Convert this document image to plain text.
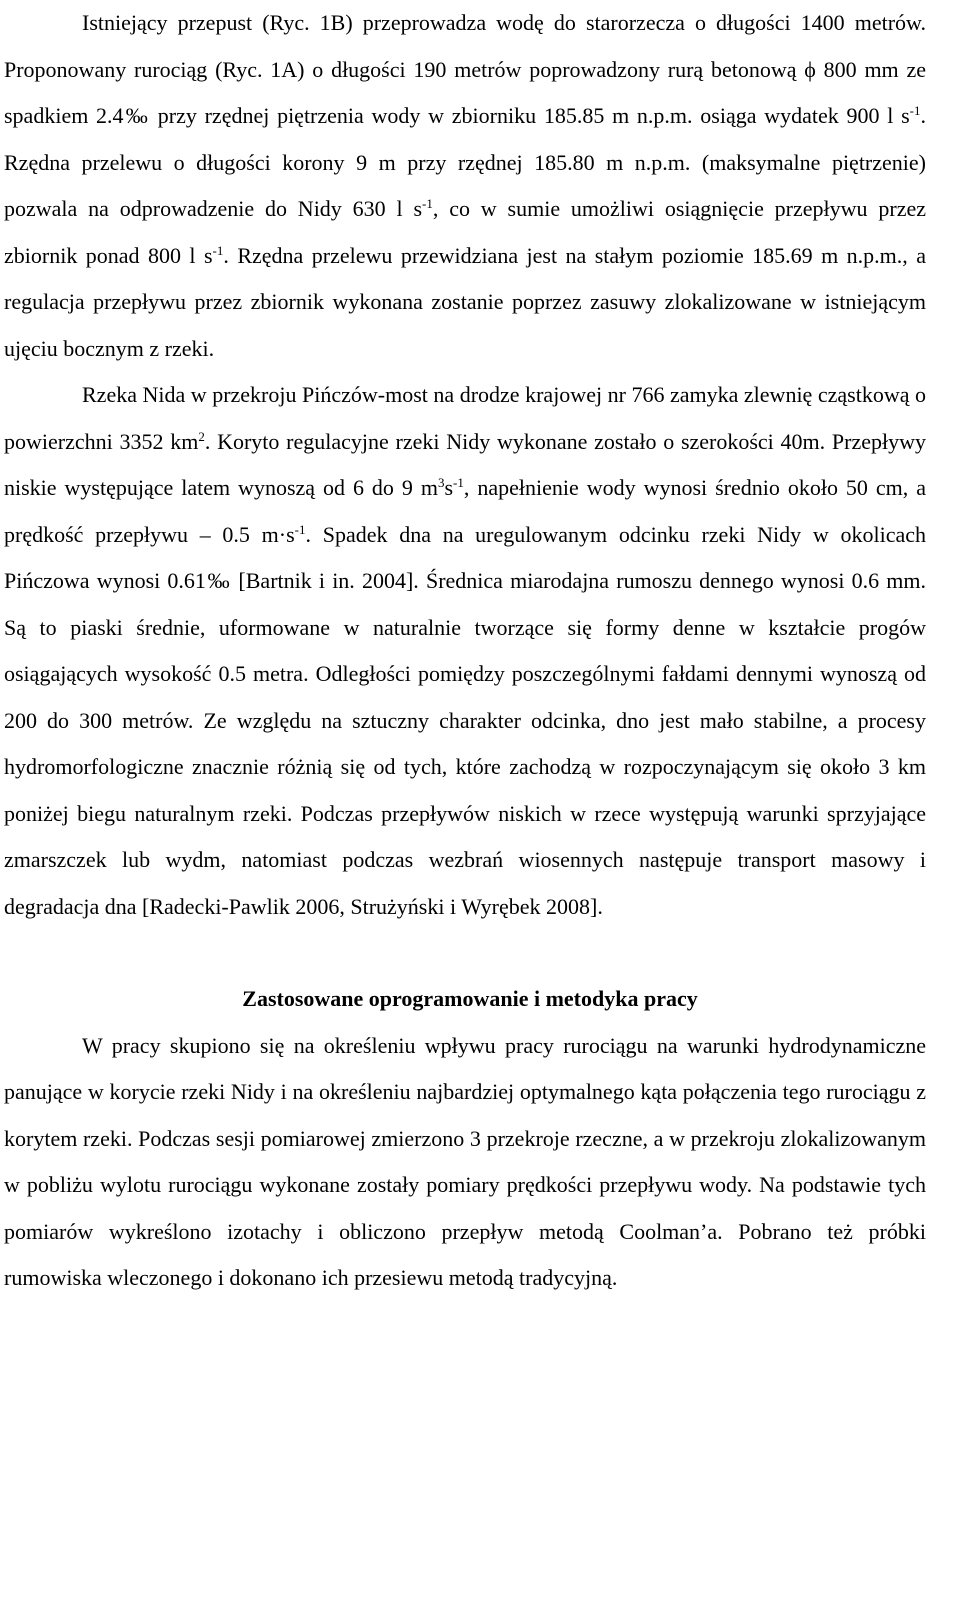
Istniejący przepust (Ryc. 1B) przeprowadza wodę do starorzecza o długości 1400 metrów. Proponowany rurociąg (Ryc. 1A) o długości 190 metrów poprowadzony rurą betonową ϕ 800 mm ze spadkiem 2.4‰ przy rzędnej piętrzenia wody w zbiorniku 185.85 m n.p.m. osiąga wydatek 900 l $s^{-1}$. Rzędna przelewu o długości korony 9 m przy rzędnej 185.80 m n.p.m. (maksymalne piętrzenie) pozwala na odprowadzenie do Nidy 630 l $s^{-1}$, co w sumie umożliwi osiągnięcie przepływu przez zbiornik ponad 800 l $s^{-1}$. Rzędna przelewu przewidziana jest na stałym poziomie 185.69 m n.p.m., a regulacja przepływu przez zbiornik wykonana zostanie poprzez zasuwy zlokalizowane w istniejącym ujęciu bocznym z rzeki.

Rzeka Nida w przekroju Pińczów-most na drodze krajowej nr 766 zamyka zlewnię cząstkową o powierzchni 3352 $km^2$. Koryto regulacyjne rzeki Nidy wykonane zostało o szerokości 40m. Przepływy niskie występujące latem wynoszą od 6 do 9 $m^3s^{-1}$, napełnienie wody wynosi średnio około 50 cm, a prędkość przepływu – 0.5 $m\cdot s^{-1}$. Spadek dna na uregulowanym odcinku rzeki Nidy w okolicach Pińczowa wynosi 0.61‰ [Bartnik i in. 2004]. Średnica miarodajna rumoszu dennego wynosi 0.6 mm. Są to piaski średnie, uformowane w naturalnie tworzące się formy denne w kształcie progów osiągających wysokość 0.5 metra. Odległości pomiędzy poszczególnymi fałdami dennymi wynoszą od 200 do 300 metrów. Ze względu na sztuczny charakter odcinka, dno jest mało stabilne, a procesy hydromorfologiczne znacznie różnią się od tych, które zachodzą w rozpoczynającym się około 3 km poniżej biegu naturalnym rzeki. Podczas przepływów niskich w rzece występują warunki sprzyjające zmarszczek lub wydm, natomiast podczas wezbrań wiosennych następuje transport masowy i degradacja dna [Radecki-Pawlik 2006, Strużyński i Wyrębek 2008].

Zastosowane oprogramowanie i metodyka pracy

W pracy skupiono się na określeniu wpływu pracy rurociągu na warunki hydrodynamiczne panujące w korycie rzeki Nidy i na określeniu najbardziej optymalnego kąta połączenia tego rurociągu z korytem rzeki. Podczas sesji pomiarowej zmierzono 3 przekroje rzeczne, a w przekroju zlokalizowanym w pobliżu wylotu rurociągu wykonane zostały pomiary prędkości przepływu wody. Na podstawie tych pomiarów wykreślono izotachy i obliczono przepływ metodą Coolman’a. Pobrano też próbki rumowiska wleczonego i dokonano ich przesiewu metodą tradycyjną.
